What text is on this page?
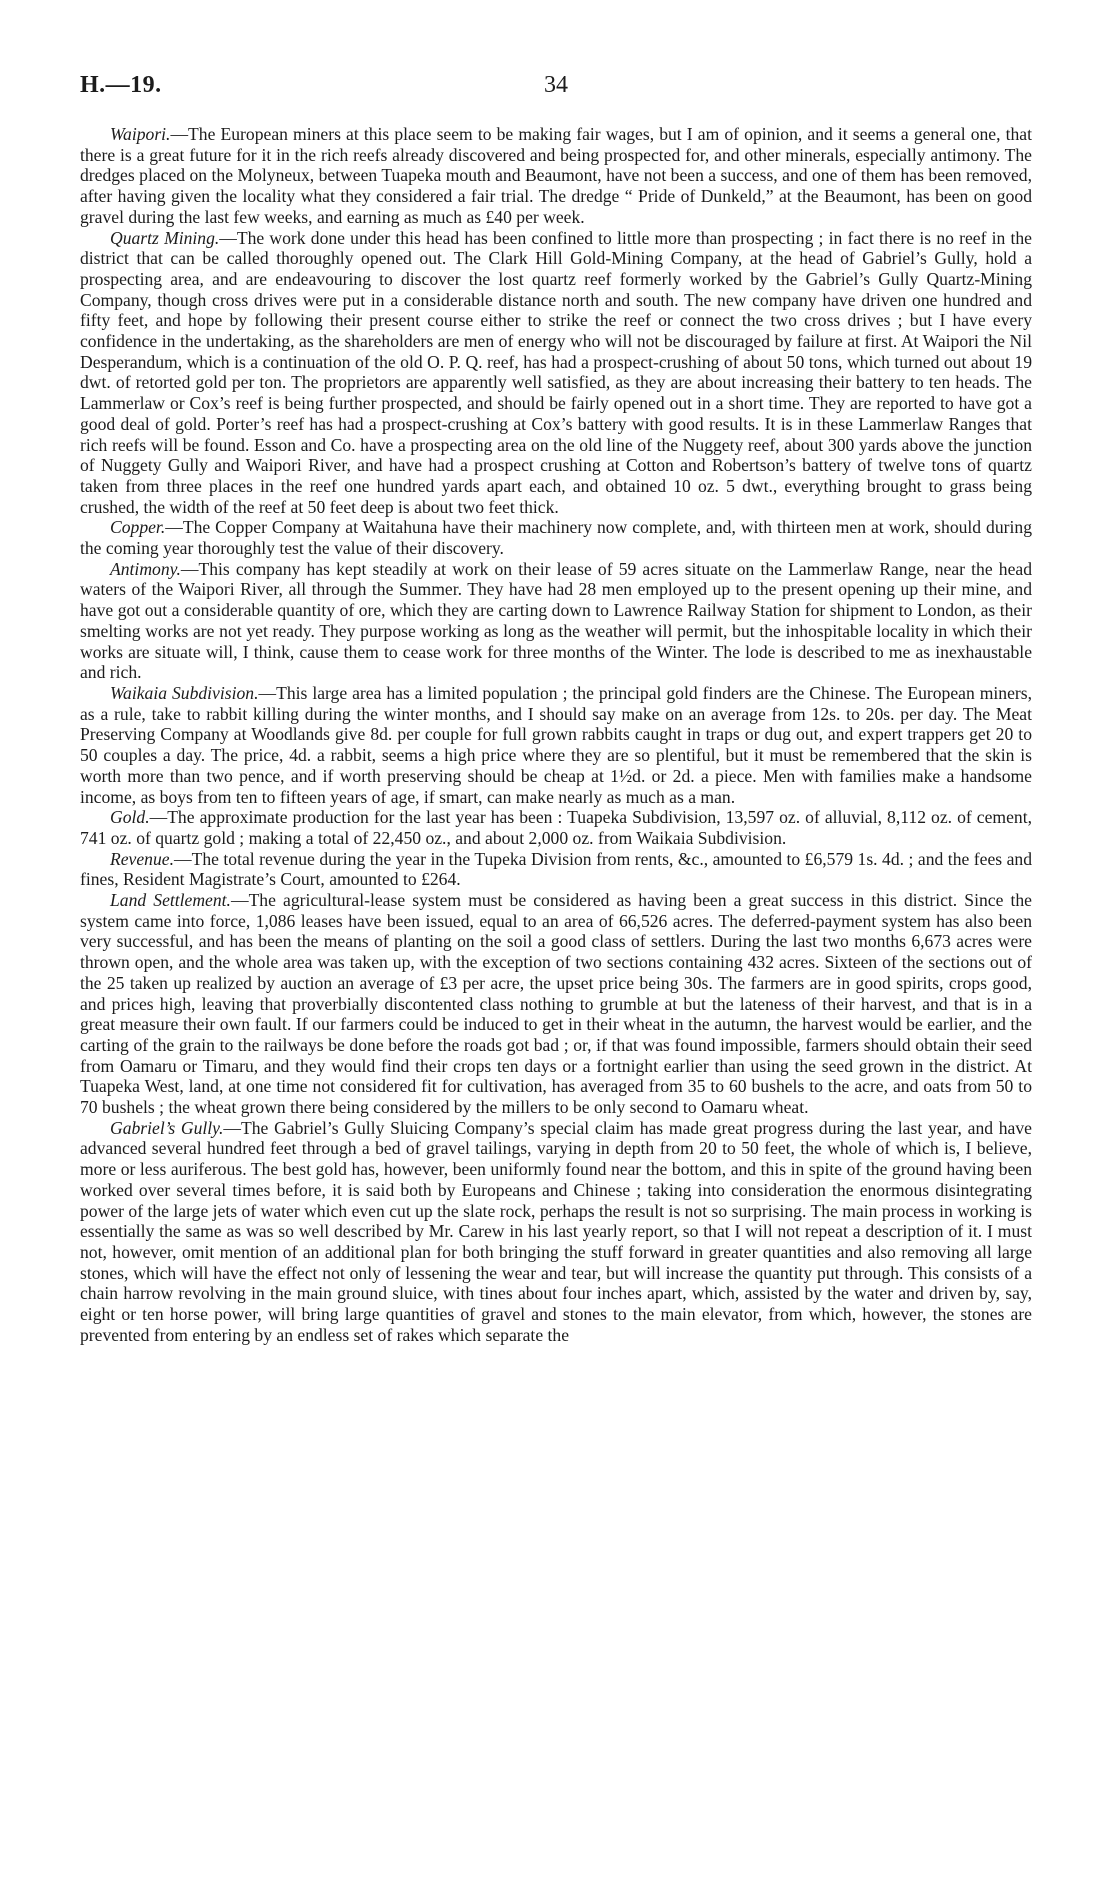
H.—19.	34

Waipori.—The European miners at this place seem to be making fair wages, but I am of opinion, and it seems a general one, that there is a great future for it in the rich reefs already discovered and being prospected for, and other minerals, especially antimony. The dredges placed on the Molyneux, between Tuapeka mouth and Beaumont, have not been a success, and one of them has been removed, after having given the locality what they considered a fair trial. The dredge “ Pride of Dunkeld,” at the Beaumont, has been on good gravel during the last few weeks, and earning as much as £40 per week.

Quartz Mining.—The work done under this head has been confined to little more than prospecting ; in fact there is no reef in the district that can be called thoroughly opened out. The Clark Hill Gold-Mining Company, at the head of Gabriel’s Gully, hold a prospecting area, and are endeavouring to discover the lost quartz reef formerly worked by the Gabriel’s Gully Quartz-Mining Company, though cross drives were put in a considerable distance north and south. The new company have driven one hundred and fifty feet, and hope by following their present course either to strike the reef or connect the two cross drives ; but I have every confidence in the undertaking, as the shareholders are men of energy who will not be discouraged by failure at first. At Waipori the Nil Desperandum, which is a continuation of the old O. P. Q. reef, has had a prospect-crushing of about 50 tons, which turned out about 19 dwt. of retorted gold per ton. The proprietors are apparently well satisfied, as they are about increasing their battery to ten heads. The Lammerlaw or Cox’s reef is being further prospected, and should be fairly opened out in a short time. They are reported to have got a good deal of gold. Porter’s reef has had a prospect-crushing at Cox’s battery with good results. It is in these Lammerlaw Ranges that rich reefs will be found. Esson and Co. have a prospecting area on the old line of the Nuggety reef, about 300 yards above the junction of Nuggety Gully and Waipori River, and have had a prospect crushing at Cotton and Robertson’s battery of twelve tons of quartz taken from three places in the reef one hundred yards apart each, and obtained 10 oz. 5 dwt., everything brought to grass being crushed, the width of the reef at 50 feet deep is about two feet thick.

Copper.—The Copper Company at Waitahuna have their machinery now complete, and, with thirteen men at work, should during the coming year thoroughly test the value of their discovery.

Antimony.—This company has kept steadily at work on their lease of 59 acres situate on the Lammerlaw Range, near the head waters of the Waipori River, all through the Summer. They have had 28 men employed up to the present opening up their mine, and have got out a considerable quantity of ore, which they are carting down to Lawrence Railway Station for shipment to London, as their smelting works are not yet ready. They purpose working as long as the weather will permit, but the inhospitable locality in which their works are situate will, I think, cause them to cease work for three months of the Winter. The lode is described to me as inexhaustable and rich.

Waikaia Subdivision.—This large area has a limited population ; the principal gold finders are the Chinese. The European miners, as a rule, take to rabbit killing during the winter months, and I should say make on an average from 12s. to 20s. per day. The Meat Preserving Company at Woodlands give 8d. per couple for full grown rabbits caught in traps or dug out, and expert trappers get 20 to 50 couples a day. The price, 4d. a rabbit, seems a high price where they are so plentiful, but it must be remembered that the skin is worth more than two pence, and if worth preserving should be cheap at 1½d. or 2d. a piece. Men with families make a handsome income, as boys from ten to fifteen years of age, if smart, can make nearly as much as a man.

Gold.—The approximate production for the last year has been : Tuapeka Subdivision, 13,597 oz. of alluvial, 8,112 oz. of cement, 741 oz. of quartz gold ; making a total of 22,450 oz., and about 2,000 oz. from Waikaia Subdivision.

Revenue.—The total revenue during the year in the Tupeka Division from rents, &c., amounted to £6,579 1s. 4d. ; and the fees and fines, Resident Magistrate’s Court, amounted to £264.

Land Settlement.—The agricultural-lease system must be considered as having been a great success in this district. Since the system came into force, 1,086 leases have been issued, equal to an area of 66,526 acres. The deferred-payment system has also been very successful, and has been the means of planting on the soil a good class of settlers. During the last two months 6,673 acres were thrown open, and the whole area was taken up, with the exception of two sections containing 432 acres. Sixteen of the sections out of the 25 taken up realized by auction an average of £3 per acre, the upset price being 30s. The farmers are in good spirits, crops good, and prices high, leaving that proverbially discontented class nothing to grumble at but the lateness of their harvest, and that is in a great measure their own fault. If our farmers could be induced to get in their wheat in the autumn, the harvest would be earlier, and the carting of the grain to the railways be done before the roads got bad ; or, if that was found impossible, farmers should obtain their seed from Oamaru or Timaru, and they would find their crops ten days or a fortnight earlier than using the seed grown in the district. At Tuapeka West, land, at one time not considered fit for cultivation, has averaged from 35 to 60 bushels to the acre, and oats from 50 to 70 bushels ; the wheat grown there being considered by the millers to be only second to Oamaru wheat.

Gabriel’s Gully.—The Gabriel’s Gully Sluicing Company’s special claim has made great progress during the last year, and have advanced several hundred feet through a bed of gravel tailings, varying in depth from 20 to 50 feet, the whole of which is, I believe, more or less auriferous. The best gold has, however, been uniformly found near the bottom, and this in spite of the ground having been worked over several times before, it is said both by Europeans and Chinese ; taking into consideration the enormous disintegrating power of the large jets of water which even cut up the slate rock, perhaps the result is not so surprising. The main process in working is essentially the same as was so well described by Mr. Carew in his last yearly report, so that I will not repeat a description of it. I must not, however, omit mention of an additional plan for both bringing the stuff forward in greater quantities and also removing all large stones, which will have the effect not only of lessening the wear and tear, but will increase the quantity put through. This consists of a chain harrow revolving in the main ground sluice, with tines about four inches apart, which, assisted by the water and driven by, say, eight or ten horse power, will bring large quantities of gravel and stones to the main elevator, from which, however, the stones are prevented from entering by an endless set of rakes which separate the
